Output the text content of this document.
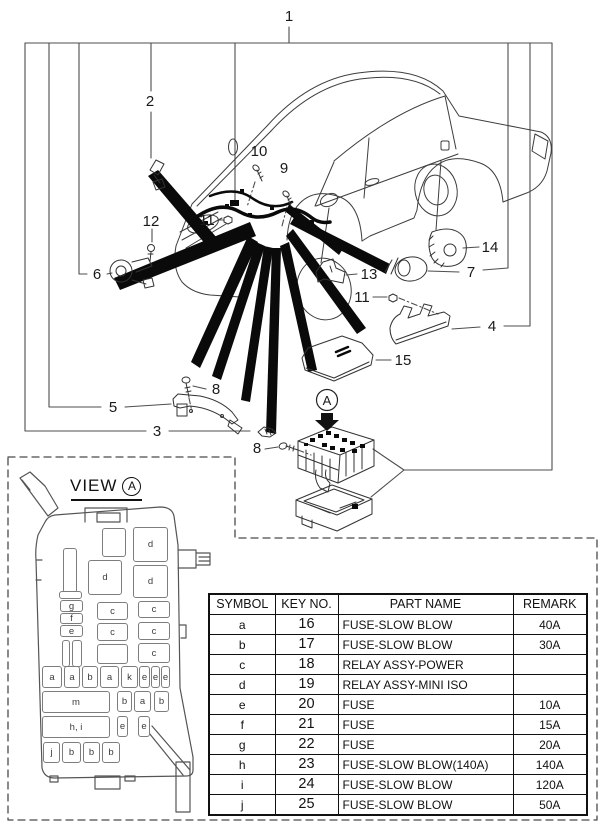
A
1
2
10
9
12	11
6	13
14
7
11
4
15
8
5
3
8
VIEW A
d
d	d
g
f
e
c
c
c
c
c
a	a	b	a	k	e e e
m	b	a	b
h, i	e	e
j	b	b	b
SYMBOL	KEY NO.	PART NAME	REMARK
a	16	FUSE-SLOW BLOW	40A
b	17	FUSE-SLOW BLOW	30A
c	18	RELAY ASSY-POWER	
d	19	RELAY ASSY-MINI ISO	
e	20	FUSE	10A
f	21	FUSE	15A
g	22	FUSE	20A
h	23	FUSE-SLOW BLOW(140A)	140A
i	24	FUSE-SLOW BLOW	120A
j	25	FUSE-SLOW BLOW	50A
